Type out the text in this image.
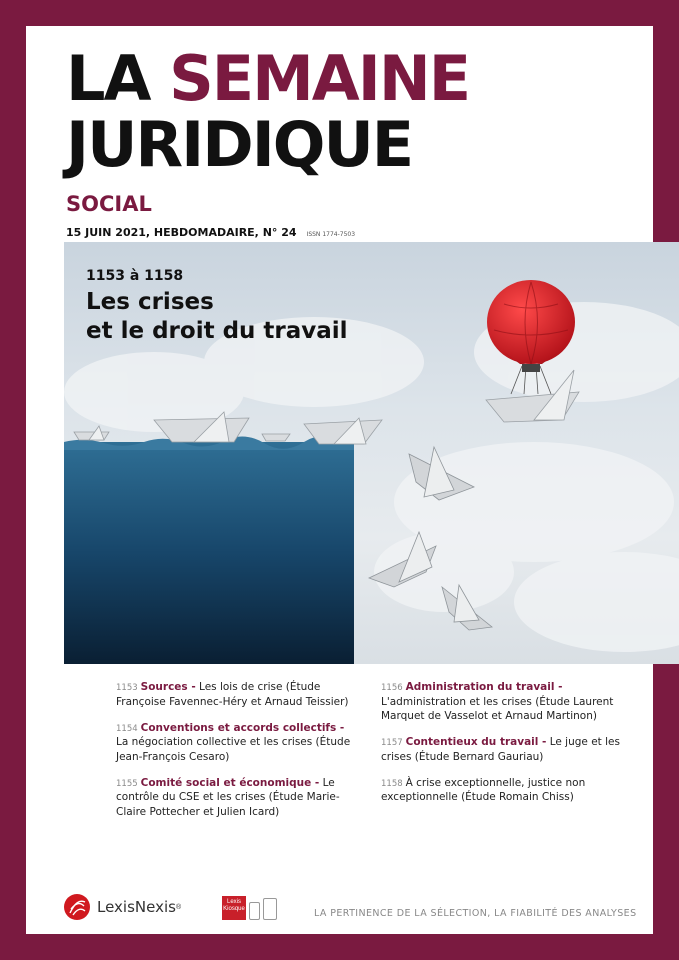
LA SEMAINE
JURIDIQUE
SOCIAL
15 JUIN 2021, HEBDOMADAIRE, N° 24 ISSN 1774-7503
1153 à 1158
Les crises
et le droit du travail
1153 Sources - Les lois de crise (Étude Françoise Favennec-Héry et Arnaud Teissier)
1154 Conventions et accords collectifs - La négociation collective et les crises (Étude Jean-François Cesaro)
1155 Comité social et économique - Le contrôle du CSE et les crises (Étude Marie-Claire Pottecher et Julien Icard)
1156 Administration du travail - L'administration et les crises (Étude Laurent Marquet de Vasselot et Arnaud Martinon)
1157 Contentieux du travail - Le juge et les crises (Étude Bernard Gauriau)
1158 À crise exceptionnelle, justice non exceptionnelle (Étude Romain Chiss)
LexisNexis ®
Lexis
Kiosque	LA PERTINENCE DE LA SÉLECTION, LA FIABILITÉ DES ANALYSES
